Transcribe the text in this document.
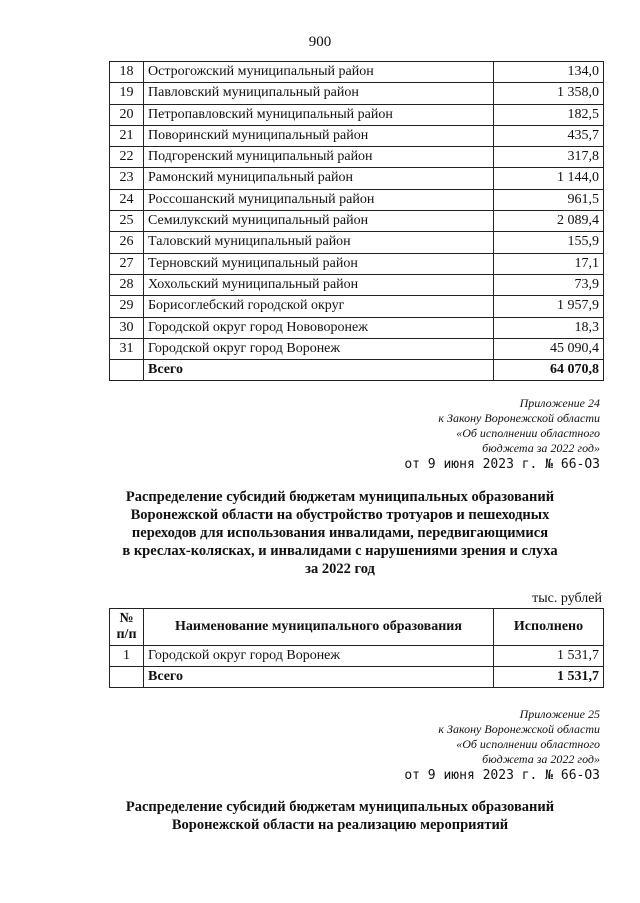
900
18	Острогожский муниципальный район	134,0
19	Павловский муниципальный район	1 358,0
20	Петропавловский муниципальный район	182,5
21	Поворинский муниципальный район	435,7
22	Подгоренский муниципальный район	317,8
23	Рамонский муниципальный район	1 144,0
24	Россошанский муниципальный район	961,5
25	Семилукский муниципальный район	2 089,4
26	Таловский муниципальный район	155,9
27	Терновский муниципальный район	17,1
28	Хохольский муниципальный район	73,9
29	Борисоглебский городской округ	1 957,9
30	Городской округ город Нововоронеж	18,3
31	Городской округ город Воронеж	45 090,4
	Всего	64 070,8
Приложение 24
к Закону Воронежской области
«Об исполнении областного
бюджета за 2022 год»
от 9 июня 2023 г. № 66-ОЗ
Распределение субсидий бюджетам муниципальных образований
Воронежской области на обустройство тротуаров и пешеходных
переходов для использования инвалидами, передвигающимися
в креслах-колясках, и инвалидами с нарушениями зрения и слуха
за 2022 год
тыс. рублей
№ п/п	Наименование муниципального образования	Исполнено
1	Городской округ город Воронеж	1 531,7
	Всего	1 531,7
Приложение 25
к Закону Воронежской области
«Об исполнении областного
бюджета за 2022 год»
от 9 июня 2023 г. № 66-ОЗ
Распределение субсидий бюджетам муниципальных образований
Воронежской области на реализацию мероприятий
